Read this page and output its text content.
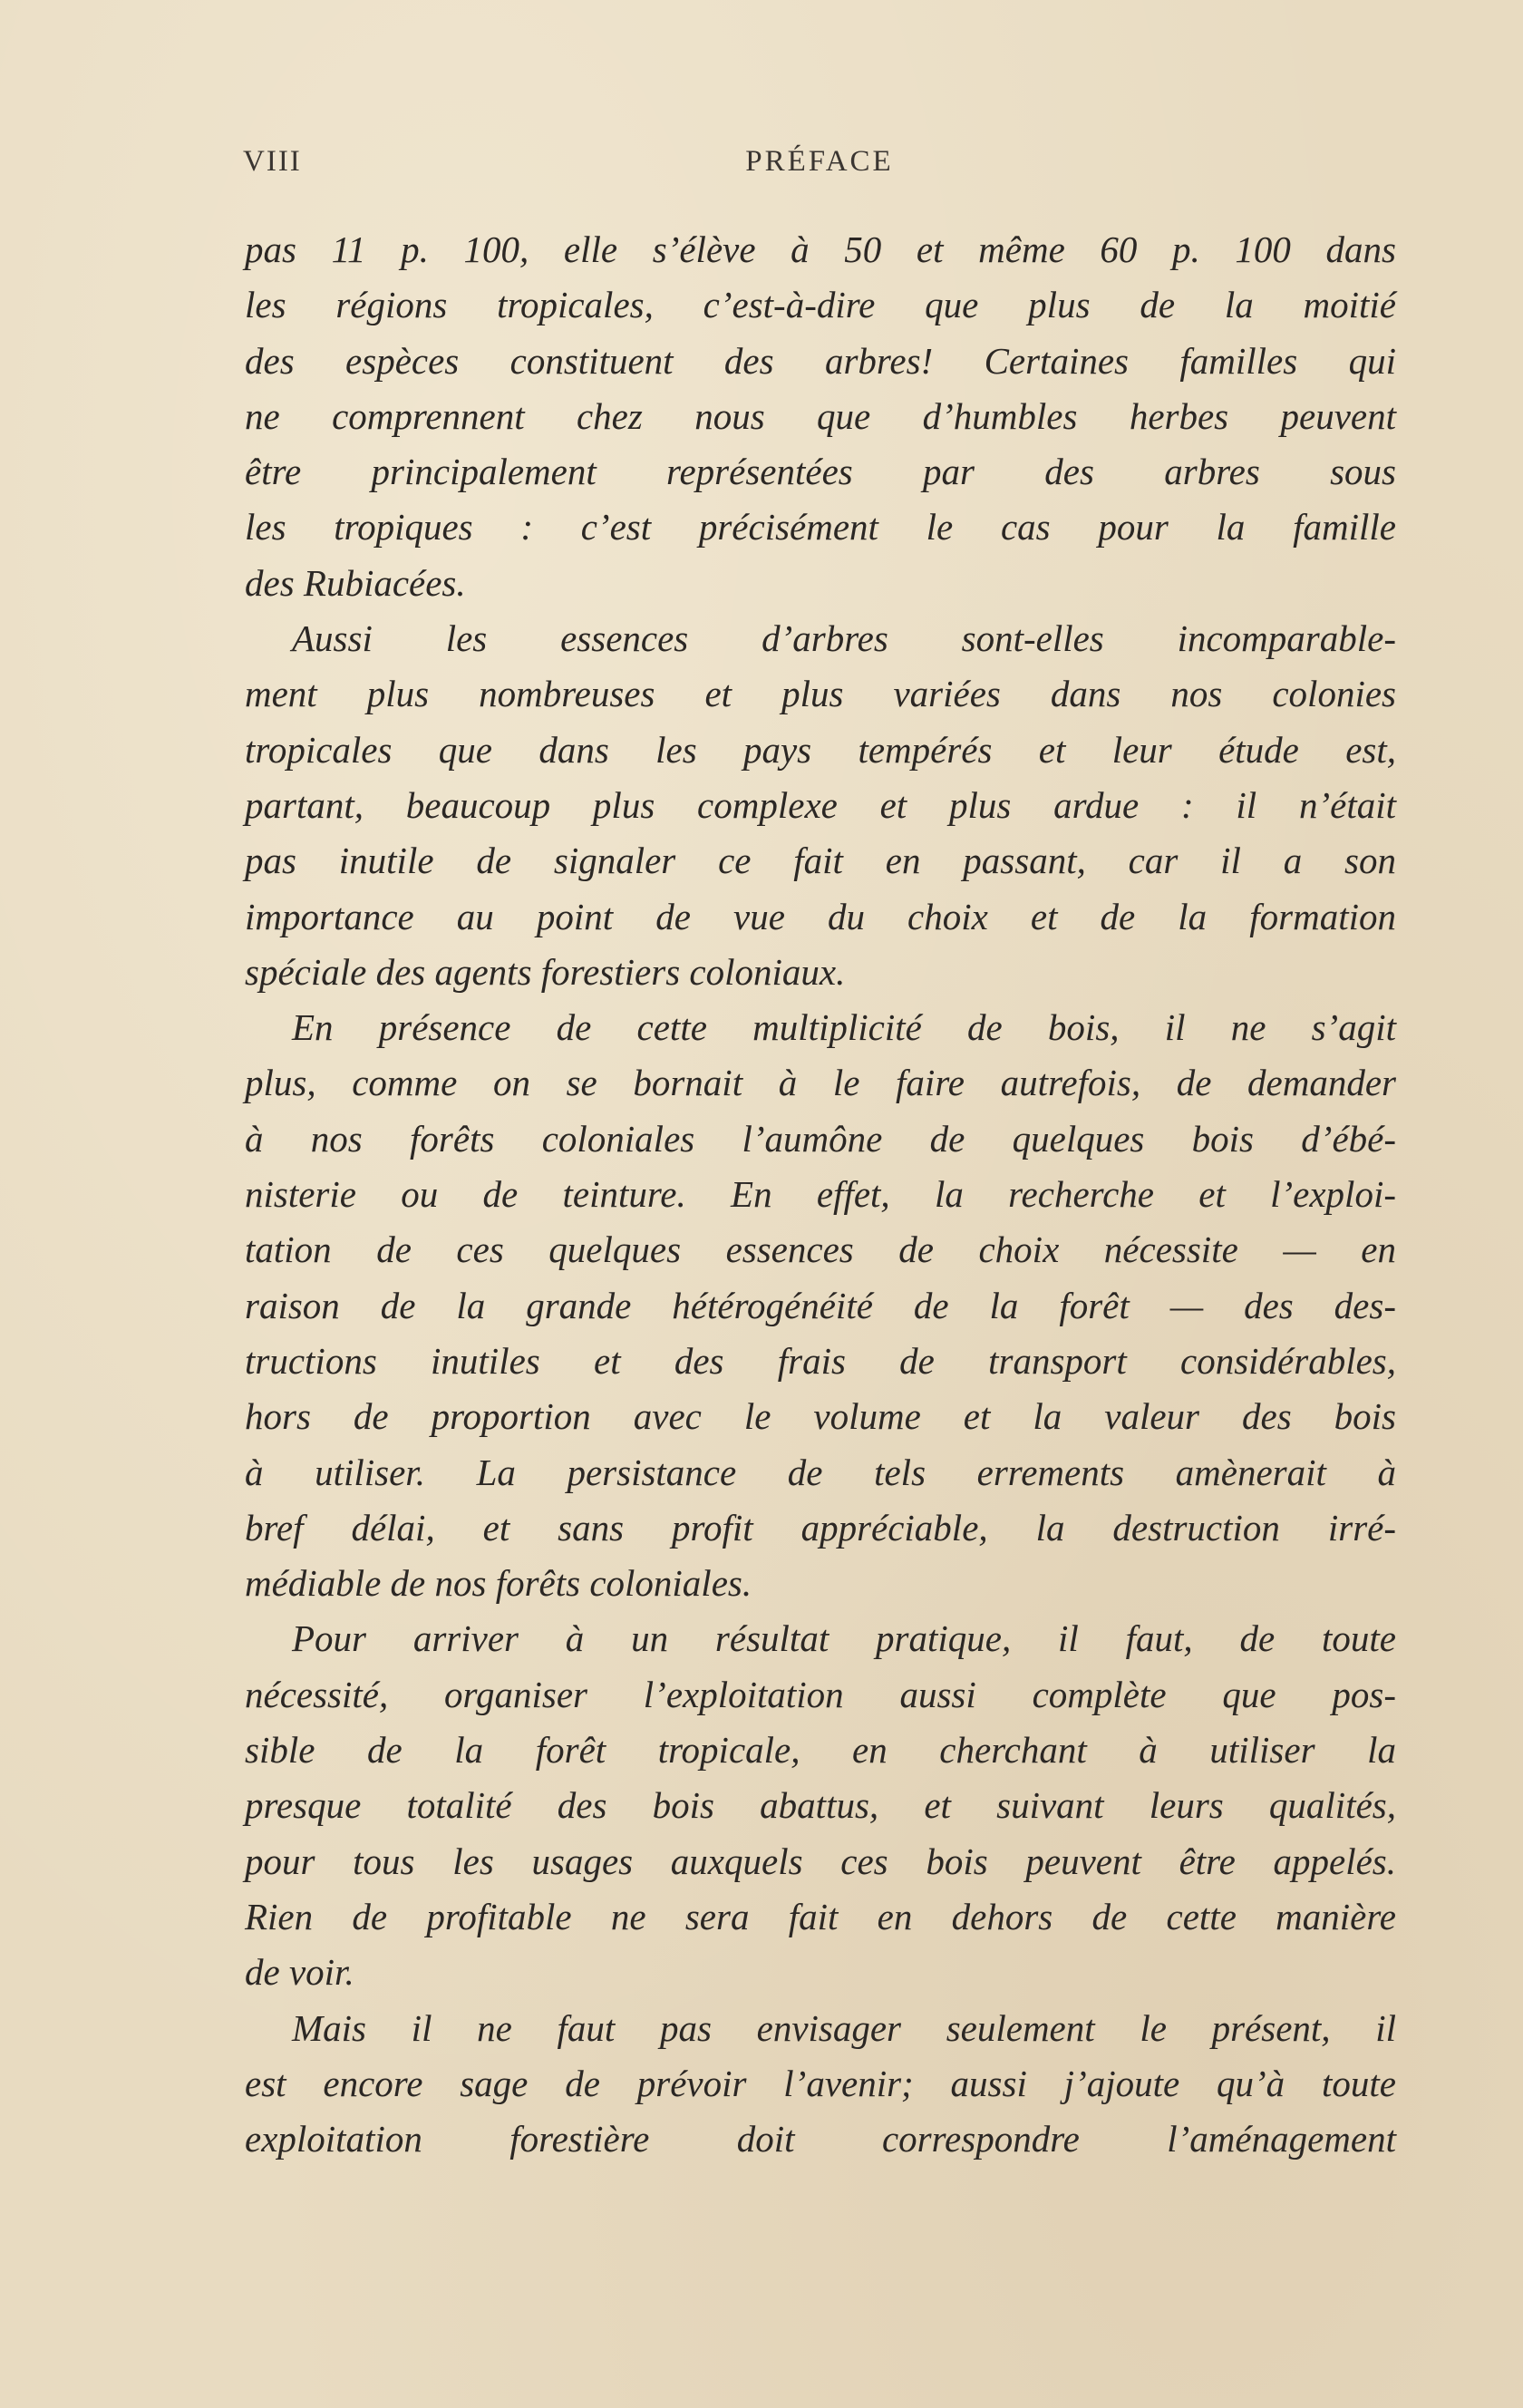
VIII	PRÉFACE
pas 11 p. 100, elle s’élève à 50 et même 60 p. 100 dans
les régions tropicales, c’est-à-dire que plus de la moitié
des espèces constituent des arbres! Certaines familles qui
ne comprennent chez nous que d’humbles herbes peuvent
être principalement représentées par des arbres sous
les tropiques : c’est précisément le cas pour la famille
des Rubiacées.
Aussi les essences d’arbres sont-elles incomparable-
ment plus nombreuses et plus variées dans nos colonies
tropicales que dans les pays tempérés et leur étude est,
partant, beaucoup plus complexe et plus ardue : il n’était
pas inutile de signaler ce fait en passant, car il a son
importance au point de vue du choix et de la formation
spéciale des agents forestiers coloniaux.
En présence de cette multiplicité de bois, il ne s’agit
plus, comme on se bornait à le faire autrefois, de demander
à nos forêts coloniales l’aumône de quelques bois d’ébé-
nisterie ou de teinture. En effet, la recherche et l’exploi-
tation de ces quelques essences de choix nécessite — en
raison de la grande hétérogénéité de la forêt — des des-
tructions inutiles et des frais de transport considérables,
hors de proportion avec le volume et la valeur des bois
à utiliser. La persistance de tels errements amènerait à
bref délai, et sans profit appréciable, la destruction irré-
médiable de nos forêts coloniales.
Pour arriver à un résultat pratique, il faut, de toute
nécessité, organiser l’exploitation aussi complète que pos-
sible de la forêt tropicale, en cherchant à utiliser la
presque totalité des bois abattus, et suivant leurs qualités,
pour tous les usages auxquels ces bois peuvent être appelés.
Rien de profitable ne sera fait en dehors de cette manière
de voir.
Mais il ne faut pas envisager seulement le présent, il
est encore sage de prévoir l’avenir; aussi j’ajoute qu’à toute
exploitation forestière doit correspondre l’aménagement
